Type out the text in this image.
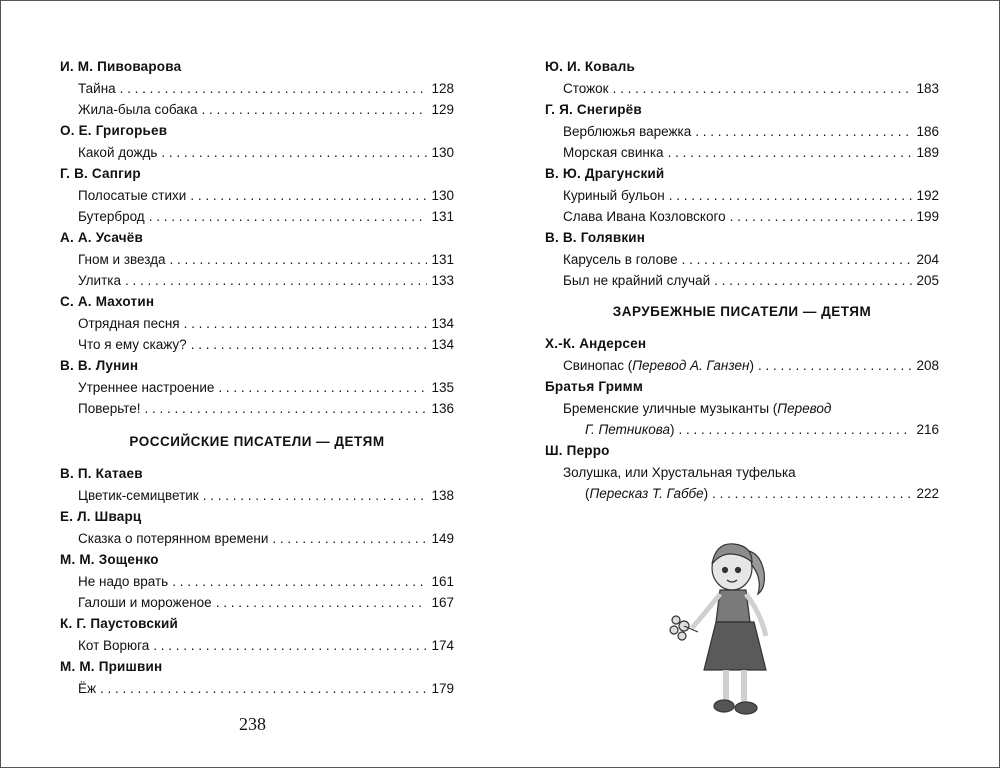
И. М. Пивоварова
Тайна . . .	128
Жила-была собака . . .	129
О. Е. Григорьев
Какой дождь . . .	130
Г. В. Сапгир
Полосатые стихи . . .	130
Бутерброд . . .	131
А. А. Усачёв
Гном и звезда . . .	131
Улитка . . .	133
С. А. Махотин
Отрядная песня . . .	134
Что я ему скажу? . . .	134
В. В. Лунин
Утреннее настроение . . .	135
Поверьте! . . .	136
РОССИЙСКИЕ ПИСАТЕЛИ — ДЕТЯМ
В. П. Катаев
Цветик-семицветик . . .	138
Е. Л. Шварц
Сказка о потерянном времени . . .	149
М. М. Зощенко
Не надо врать . . .	161
Галоши и мороженое . . .	167
К. Г. Паустовский
Кот Ворюга . . .	174
М. М. Пришвин
Ёж . . .	179
Ю. И. Коваль
Стожок . . .	183
Г. Я. Снегирёв
Верблюжья варежка . . .	186
Морская свинка . . .	189
В. Ю. Драгунский
Куриный бульон . . .	192
Слава Ивана Козловского . . .	199
В. В. Голявкин
Карусель в голове . . .	204
Был не крайний случай . . .	205
ЗАРУБЕЖНЫЕ ПИСАТЕЛИ — ДЕТЯМ
Х.-К. Андерсен
Свинопас (Перевод А. Ганзен) . . .	208
Братья Гримм
Бременские уличные музыканты (Перевод
Г. Петникова) . . .	216
Ш. Перро
Золушка, или Хрустальная туфелька
(Пересказ Т. Габбе) . . .	222
238
